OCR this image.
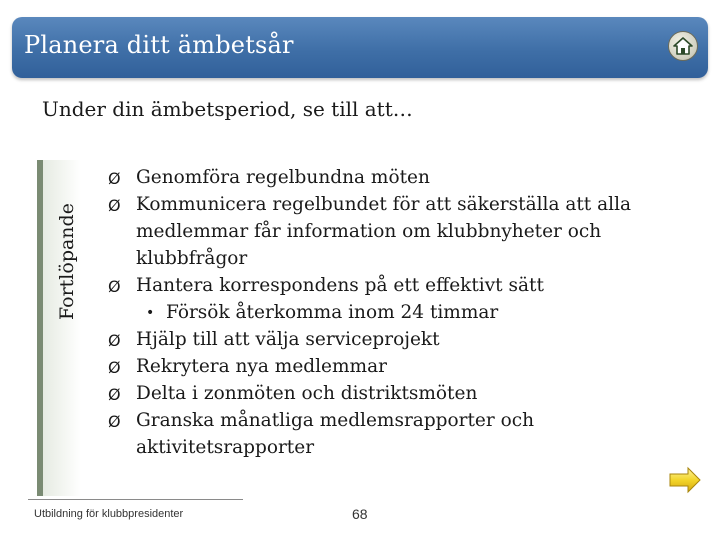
Planera ditt ämbetsår
Under din ämbetsperiod, se till att…
Fortlöpande
Ø Genomföra regelbundna möten
Ø Kommunicera regelbundet för att säkerställa att alla medlemmar får information om klubbnyheter och klubbfrågor
Ø Hantera korrespondens på ett effektivt sätt
• Försök återkomma inom 24 timmar
Ø Hjälp till att välja serviceprojekt
Ø Rekrytera nya medlemmar
Ø Delta i zonmöten och distriktsmöten
Ø Granska månatliga medlemsrapporter och aktivitetsrapporter
Utbildning för klubbpresidenter	68
